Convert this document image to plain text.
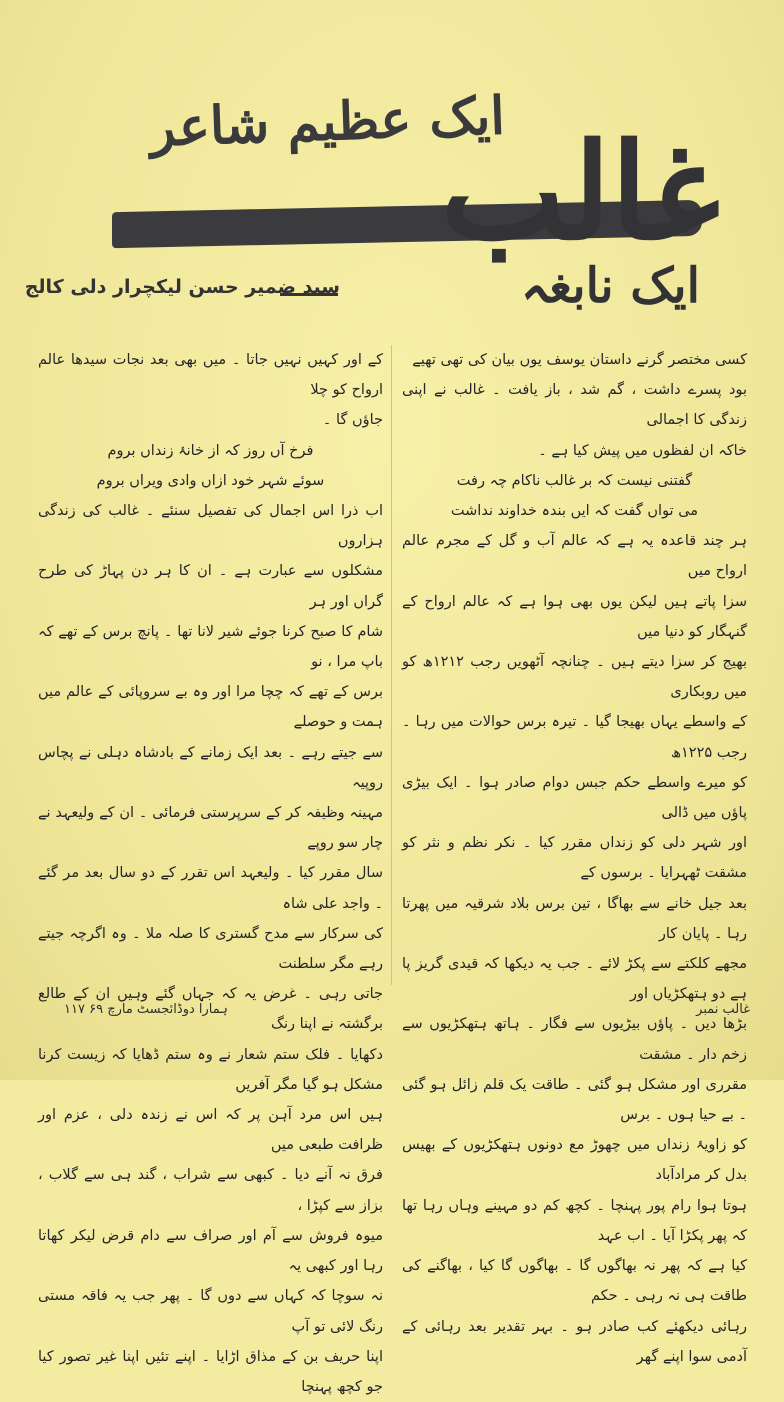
ایک عظیم شاعر
غالب
ایک نابغہ
سید ضمیر حسن لیکچرار دلی کالج

کسی مختصر گرنے داستان یوسف یوں بیان کی تھی تھیے

بود پسرے داشت ، گم شد ، باز یافت ۔ غالب نے اپنی زندگی کا اجمالی

خاکہ ان لفظوں میں پیش کیا ہے ۔

گفتنی نیست کہ بر غالب ناکام چہ رفت

می تواں گفت کہ ایں بندہ خداوند نداشت

ہر چند قاعدہ یہ ہے کہ عالم آب و گل کے مجرم عالم ارواح میں

سزا پاتے ہیں لیکن یوں بھی ہوا ہے کہ عالم ارواح کے گنہگار کو دنیا میں

بھیج کر سزا دیتے ہیں ۔ چنانچہ آٹھویں رجب ۱۲۱۲ھ کو میں روبکاری

کے واسطے یہاں بھیجا گیا ۔ تیرہ برس حوالات میں رہا ۔ رجب ۱۲۲۵ھ

کو میرے واسطے حکم جبس دوام صادر ہوا ۔ ایک بیڑی پاؤں میں ڈالی

اور شہر دلی کو زنداں مقرر کیا ۔ نکر نظم و نثر کو مشقت ٹھہرایا ۔ برسوں کے

بعد جیل خانے سے بھاگا ، تین برس بلاد شرقیہ میں پھرتا رہا ۔ پایان کار

مجھے کلکتے سے پکڑ لائے ۔ جب یہ دیکھا کہ قیدی گریز پا ہے دو ہتھکڑیاں اور

بڑھا دیں ۔ پاؤں بیڑیوں سے فگار ۔ ہاتھ ہتھکڑیوں سے زخم دار ۔ مشقت

مقرری اور مشکل ہو گئی ۔ طاقت یک قلم زائل ہو گئی ۔ بے حیا ہوں ۔ برس

کو زاویۂ زنداں میں چھوڑ مع دونوں ہتھکڑیوں کے بھیس بدل کر مرادآباد

ہوتا ہوا رام پور پہنچا ۔ کچھ کم دو مہینے وہاں رہا تھا کہ پھر پکڑا آیا ۔ اب عہد

کیا ہے کہ پھر نہ بھاگوں گا ۔ بھاگوں گا کیا ، بھاگنے کی طاقت ہی نہ رہی ۔ حکم

رہائی دیکھئے کب صادر ہو ۔ بہر تقدیر بعد رہائی کے آدمی سوا اپنے گھر

کے اور کہیں نہیں جاتا ۔ میں بھی بعد نجات سیدھا عالم ارواح کو چلا

جاؤں گا ۔

فرخ آں روز کہ از خانۂ زنداں بروم

سوئے شہر خود ازاں وادی ویراں بروم

اب ذرا اس اجمال کی تفصیل سنئے ۔ غالب کی زندگی ہزاروں

مشکلوں سے عبارت ہے ۔ ان کا ہر دن پہاڑ کی طرح گراں اور ہر

شام کا صبح کرنا جوئے شیر لانا تھا ۔ پانچ برس کے تھے کہ باپ مرا ، نو

برس کے تھے کہ چچا مرا اور وہ بے سروپائی کے عالم میں ہمت و حوصلے

سے جیتے رہے ۔ بعد ایک زمانے کے بادشاہ دہلی نے پچاس روپیہ

مہینہ وظیفہ کر کے سرپرستی فرمائی ۔ ان کے ولیعہد نے چار سو روپے

سال مقرر کیا ۔ ولیعہد اس تقرر کے دو سال بعد مر گئے ۔ واجد علی شاہ

کی سرکار سے مدح گستری کا صلہ ملا ۔ وہ اگرچہ جیتے رہے مگر سلطنت

جاتی رہی ۔ غرض یہ کہ جہاں گئے وہیں ان کے طالع برگشتہ نے اپنا رنگ

دکھایا ۔ فلک ستم شعار نے وہ ستم ڈھایا کہ زیست کرنا مشکل ہو گیا مگر آفریں

ہیں اس مرد آہن پر کہ اس نے زندہ دلی ، عزم اور ظرافت طبعی میں

فرق نہ آنے دیا ۔ کبھی سے شراب ، گند ہی سے گلاب ، بزاز سے کپڑا ،

میوہ فروش سے آم اور صراف سے دام قرض لیکر کھاتا رہا اور کبھی یہ

نہ سوچا کہ کہاں سے دوں گا ۔ پھر جب یہ فاقہ مستی رنگ لائی تو آپ

اپنا حریف بن کے مذاق اڑایا ۔ اپنے تئیں اپنا غیر تصور کیا جو کچھ پہنچا

ہمارا دوڈائجسٹ مارچ ۶۹ ۱۱۷	غالب نمبر
